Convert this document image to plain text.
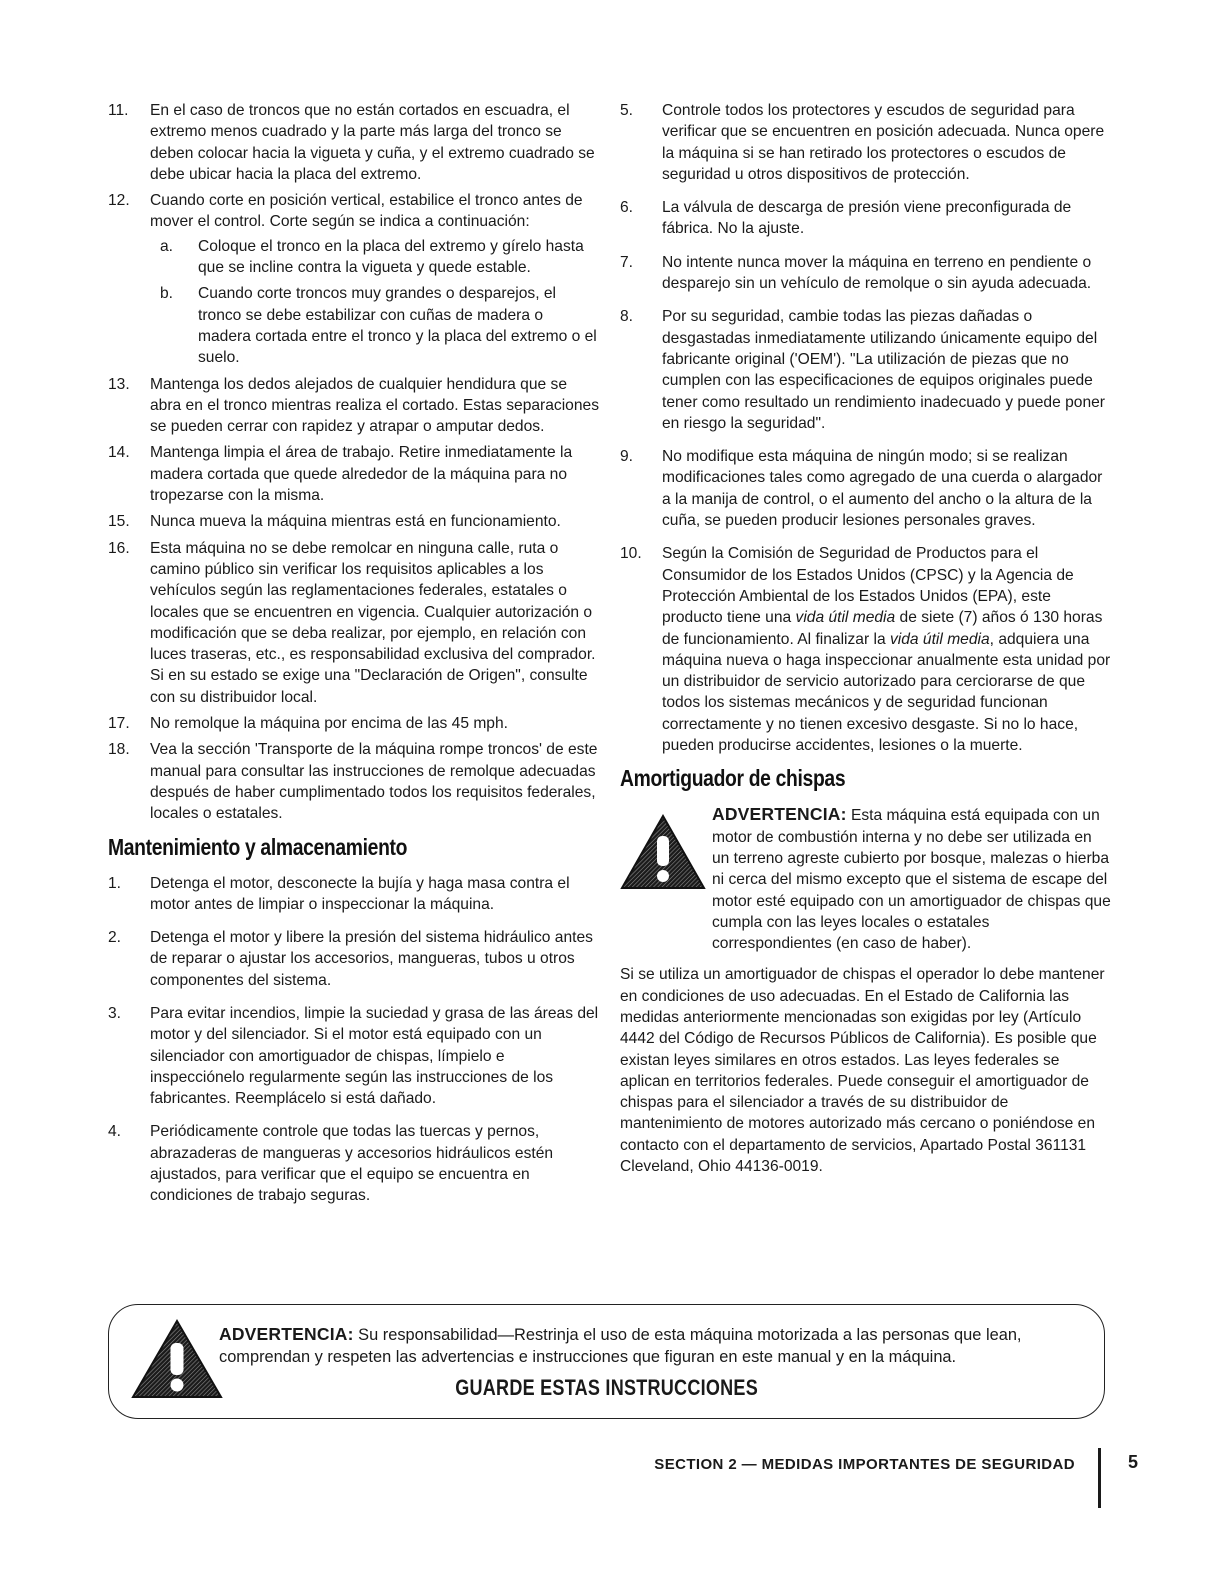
11.	En el caso de troncos que no están cortados en escuadra, el extremo menos cuadrado y la parte más larga del tronco se deben colocar hacia la vigueta y cuña, y el extremo cuadrado se debe ubicar hacia la placa del extremo.
12.	Cuando corte en posición vertical, estabilice el tronco antes de mover el control. Corte según se indica a continuación:
a.	Coloque el tronco en la placa del extremo y gírelo hasta que se incline contra la vigueta y quede estable.
b.	Cuando corte troncos muy grandes o desparejos, el tronco se debe estabilizar con cuñas de madera o madera cortada entre el tronco y la placa del extremo o el suelo.
13.	Mantenga los dedos alejados de cualquier hendidura que se abra en el tronco mientras realiza el cortado. Estas separaciones se pueden cerrar con rapidez y atrapar o amputar dedos.
14.	Mantenga limpia el área de trabajo. Retire inmediatamente la madera cortada que quede alrededor de la máquina para no tropezarse con la misma.
15.	Nunca mueva la máquina mientras está en funcionamiento.
16.	Esta máquina no se debe remolcar en ninguna calle, ruta o camino público sin verificar los requisitos aplicables a los vehículos según las reglamentaciones federales, estatales o locales que se encuentren en vigencia. Cualquier autorización o modificación que se deba realizar, por ejemplo, en relación con luces traseras, etc., es responsabilidad exclusiva del comprador. Si en su estado se exige una "Declaración de Origen", consulte con su distribuidor local.
17.	No remolque la máquina por encima de las 45 mph.
18.	Vea la sección 'Transporte de la máquina rompe troncos' de este manual para consultar las instrucciones de remolque adecuadas después de haber cumplimentado todos los requisitos federales, locales o estatales.
Mantenimiento y almacenamiento
1.	Detenga el motor, desconecte la bujía y haga masa contra el motor antes de limpiar o inspeccionar la máquina.
2.	Detenga el motor y libere la presión del sistema hidráulico antes de reparar o ajustar los accesorios, mangueras, tubos u otros componentes del sistema.
3.	Para evitar incendios, limpie la suciedad y grasa de las áreas del motor y del silenciador. Si el motor está equipado con un silenciador con amortiguador de chispas, límpielo e inspecciónelo regularmente según las instrucciones de los fabricantes. Reemplácelo si está dañado.
4.	Periódicamente controle que todas las tuercas y pernos, abrazaderas de mangueras y accesorios hidráulicos estén ajustados, para verificar que el equipo se encuentra en condiciones de trabajo seguras.
5.	Controle todos los protectores y escudos de seguridad para verificar que se encuentren en posición adecuada. Nunca opere la máquina si se han retirado los protectores o escudos de seguridad u otros dispositivos de protección.
6.	La válvula de descarga de presión viene preconfigurada de fábrica. No la ajuste.
7.	No intente nunca mover la máquina en terreno en pendiente o desparejo sin un vehículo de remolque o sin ayuda adecuada.
8.	Por su seguridad, cambie todas las piezas dañadas o desgastadas inmediatamente utilizando únicamente equipo del fabricante original ('OEM'). "La utilización de piezas que no cumplen con las especificaciones de equipos originales puede tener como resultado un rendimiento inadecuado y puede poner en riesgo la seguridad".
9.	No modifique esta máquina de ningún modo; si se realizan modificaciones tales como agregado de una cuerda o alargador a la manija de control, o el aumento del ancho o la altura de la cuña, se pueden producir lesiones personales graves.
10.	Según la Comisión de Seguridad de Productos para el Consumidor de los Estados Unidos (CPSC) y la Agencia de Protección Ambiental de los Estados Unidos (EPA), este producto tiene una vida útil media de siete (7) años ó 130 horas de funcionamiento. Al finalizar la vida útil media, adquiera una máquina nueva o haga inspeccionar anualmente esta unidad por un distribuidor de servicio autorizado para cerciorarse de que todos los sistemas mecánicos y de seguridad funcionan correctamente y no tienen excesivo desgaste. Si no lo hace, pueden producirse accidentes, lesiones o la muerte.
Amortiguador de chispas
ADVERTENCIA: Esta máquina está equipada con un motor de combustión interna y no debe ser utilizada en un terreno agreste cubierto por bosque, malezas o hierba ni cerca del mismo excepto que el sistema de escape del motor esté equipado con un amortiguador de chispas que cumpla con las leyes locales o estatales correspondientes (en caso de haber).

Si se utiliza un amortiguador de chispas el operador lo debe mantener en condiciones de uso adecuadas. En el Estado de California las medidas anteriormente mencionadas son exigidas por ley (Artículo 4442 del Código de Recursos Públicos de California). Es posible que existan leyes similares en otros estados. Las leyes federales se aplican en territorios federales. Puede conseguir el amortiguador de chispas para el silenciador a través de su distribuidor de mantenimiento de motores autorizado más cercano o poniéndose en contacto con el departamento de servicios, Apartado Postal 361131 Cleveland, Ohio 44136-0019.

ADVERTENCIA: Su responsabilidad—Restrinja el uso de esta máquina motorizada a las personas que lean, comprendan y respeten las advertencias e instrucciones que figuran en este manual y en la máquina.
GUARDE ESTAS INSTRUCCIONES
SECTION 2 — MEDIDAS IMPORTANTES DE SEGURIDAD	5
